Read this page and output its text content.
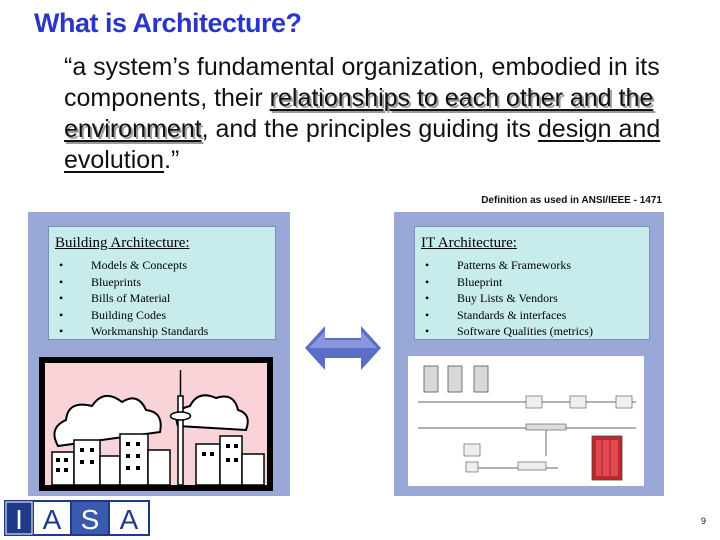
What is Architecture?
“a system’s fundamental organization, embodied in its components, their relationships to each other and the environment, and the principles guiding its design and evolution.”
Definition as used in ANSI/IEEE - 1471
Building Architecture:
• Models & Concepts
• Blueprints
• Bills of Material
• Building Codes
• Workmanship Standards
IT Architecture:
• Patterns & Frameworks
• Blueprint
• Buy Lists & Vendors
• Standards & interfaces
• Software Qualities (metrics)
I A S A	9
